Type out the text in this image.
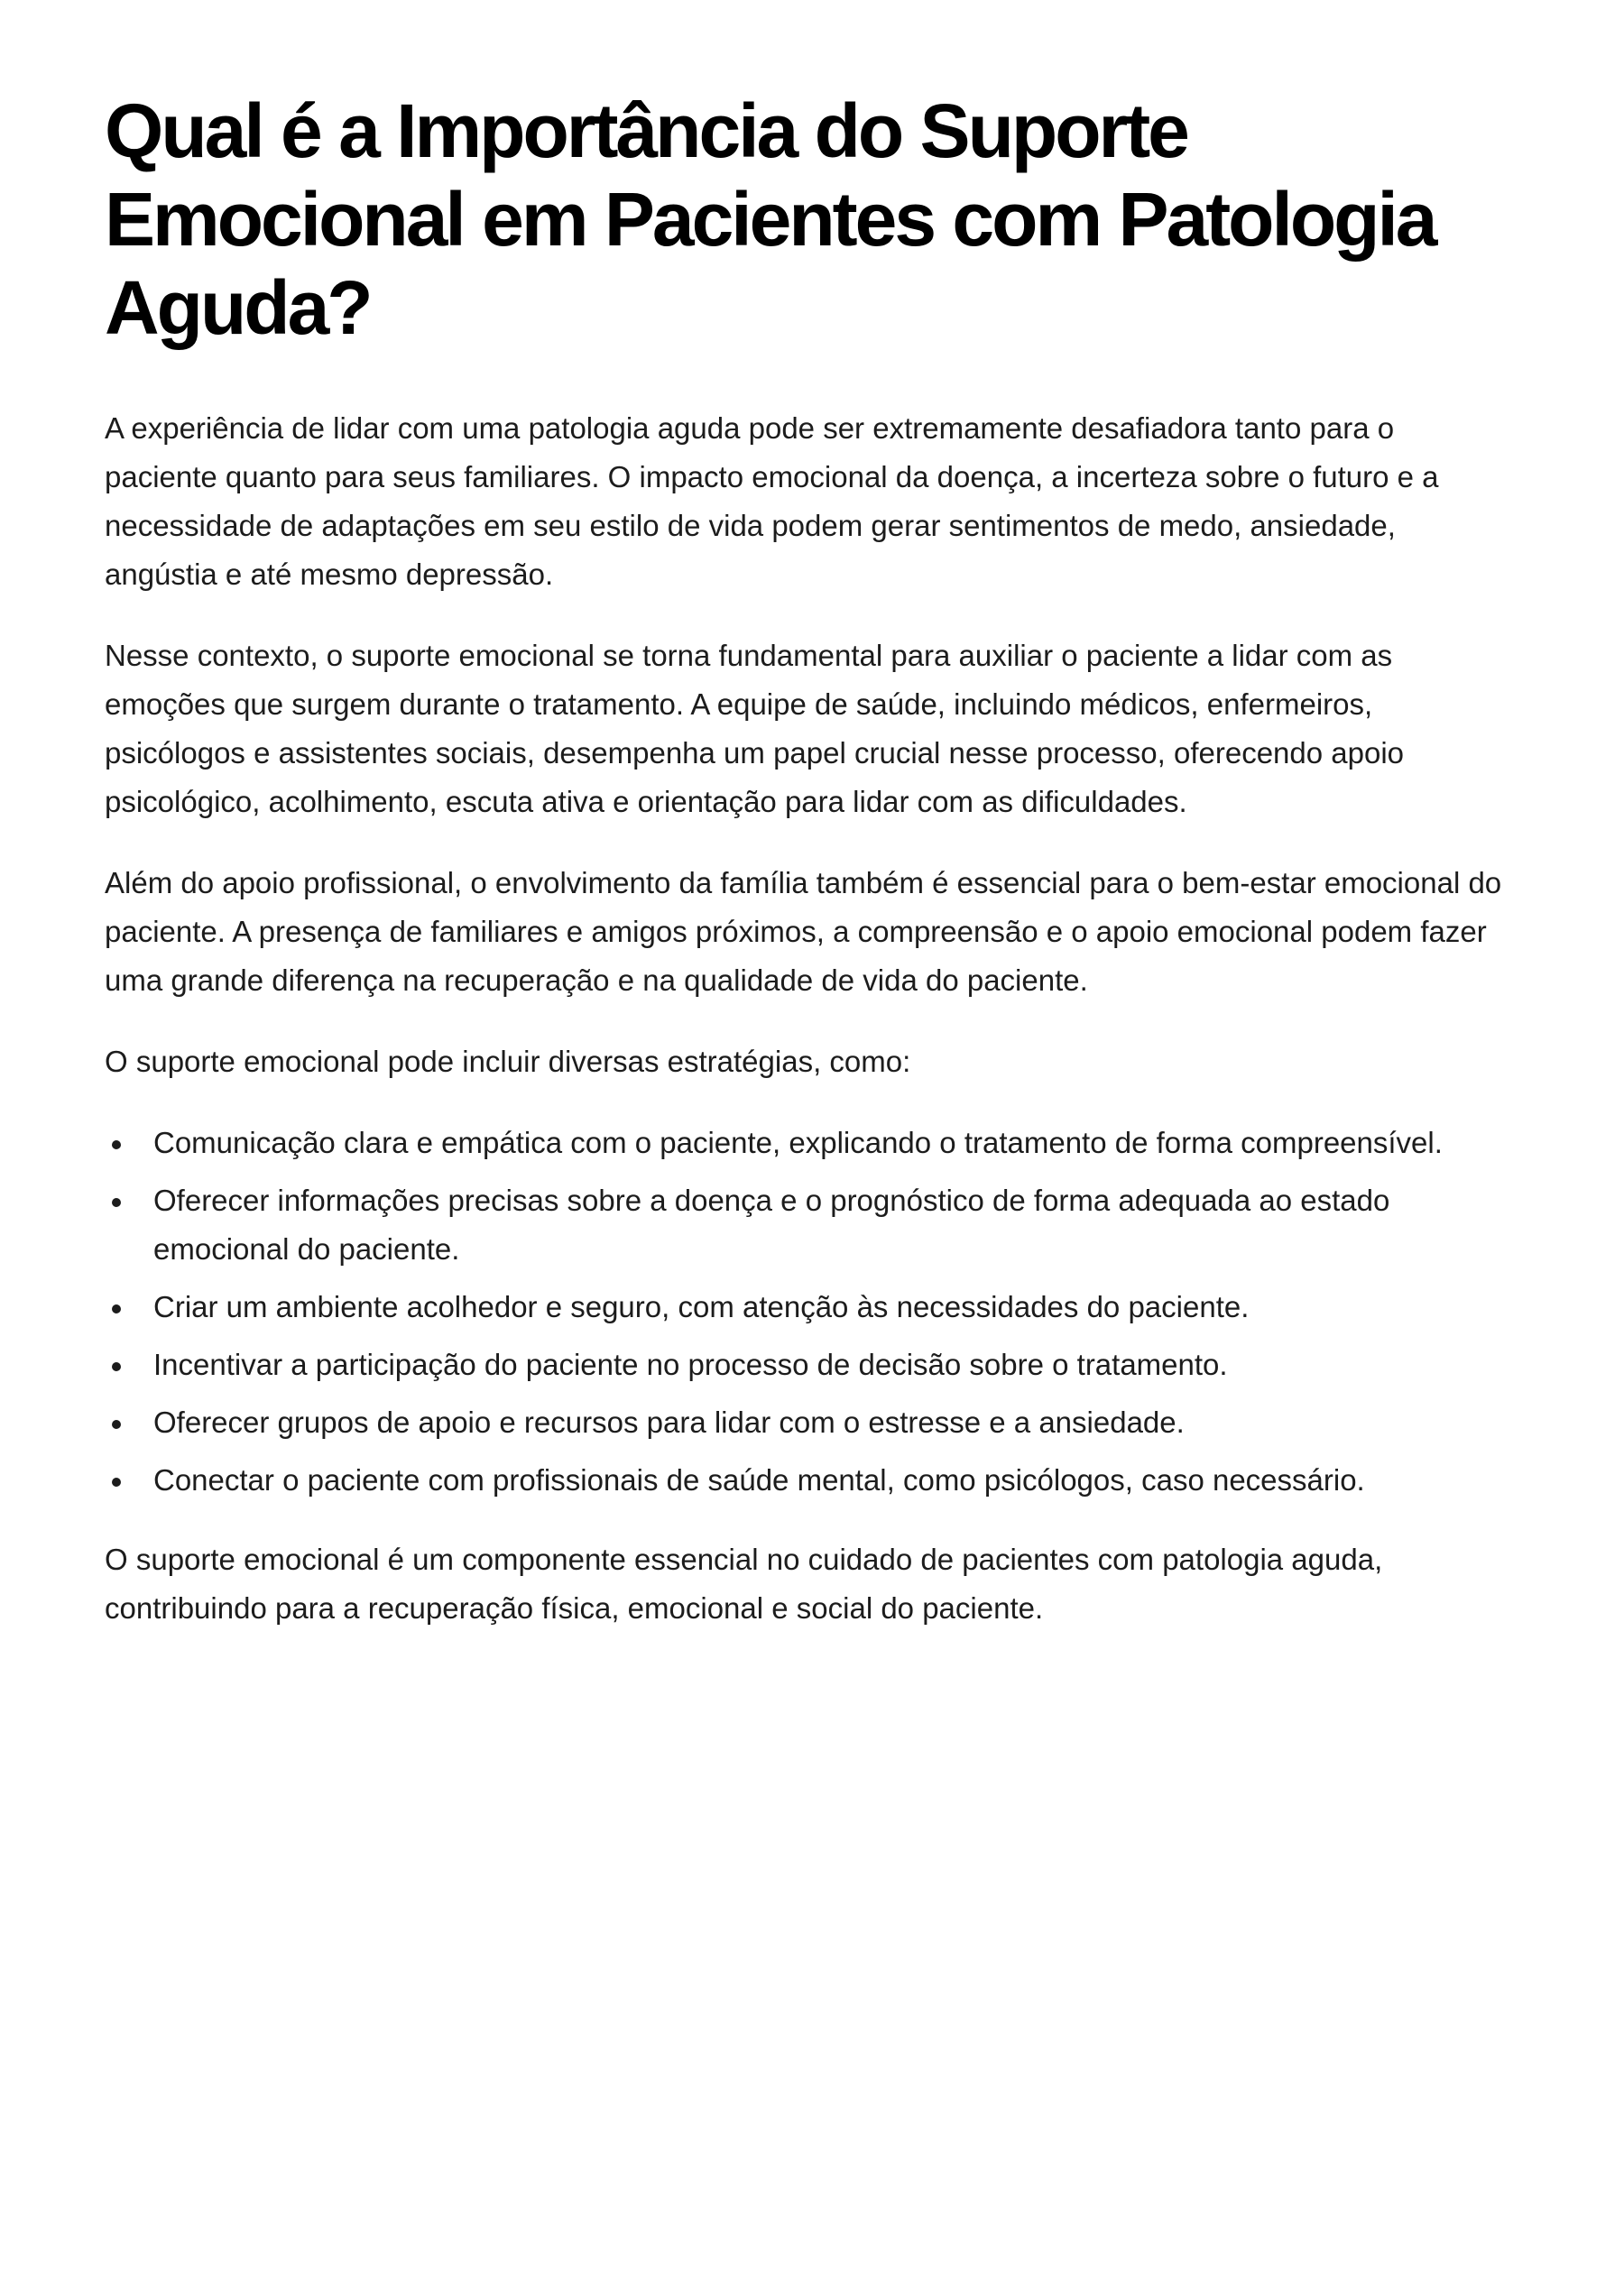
Qual é a Importância do Suporte Emocional em Pacientes com Patologia Aguda?

A experiência de lidar com uma patologia aguda pode ser extremamente desafiadora tanto para o paciente quanto para seus familiares. O impacto emocional da doença, a incerteza sobre o futuro e a necessidade de adaptações em seu estilo de vida podem gerar sentimentos de medo, ansiedade, angústia e até mesmo depressão.

Nesse contexto, o suporte emocional se torna fundamental para auxiliar o paciente a lidar com as emoções que surgem durante o tratamento. A equipe de saúde, incluindo médicos, enfermeiros, psicólogos e assistentes sociais, desempenha um papel crucial nesse processo, oferecendo apoio psicológico, acolhimento, escuta ativa e orientação para lidar com as dificuldades.

Além do apoio profissional, o envolvimento da família também é essencial para o bem-estar emocional do paciente. A presença de familiares e amigos próximos, a compreensão e o apoio emocional podem fazer uma grande diferença na recuperação e na qualidade de vida do paciente.

O suporte emocional pode incluir diversas estratégias, como:

Comunicação clara e empática com o paciente, explicando o tratamento de forma compreensível.
Oferecer informações precisas sobre a doença e o prognóstico de forma adequada ao estado emocional do paciente.
Criar um ambiente acolhedor e seguro, com atenção às necessidades do paciente.
Incentivar a participação do paciente no processo de decisão sobre o tratamento.
Oferecer grupos de apoio e recursos para lidar com o estresse e a ansiedade.
Conectar o paciente com profissionais de saúde mental, como psicólogos, caso necessário.

O suporte emocional é um componente essencial no cuidado de pacientes com patologia aguda, contribuindo para a recuperação física, emocional e social do paciente.
